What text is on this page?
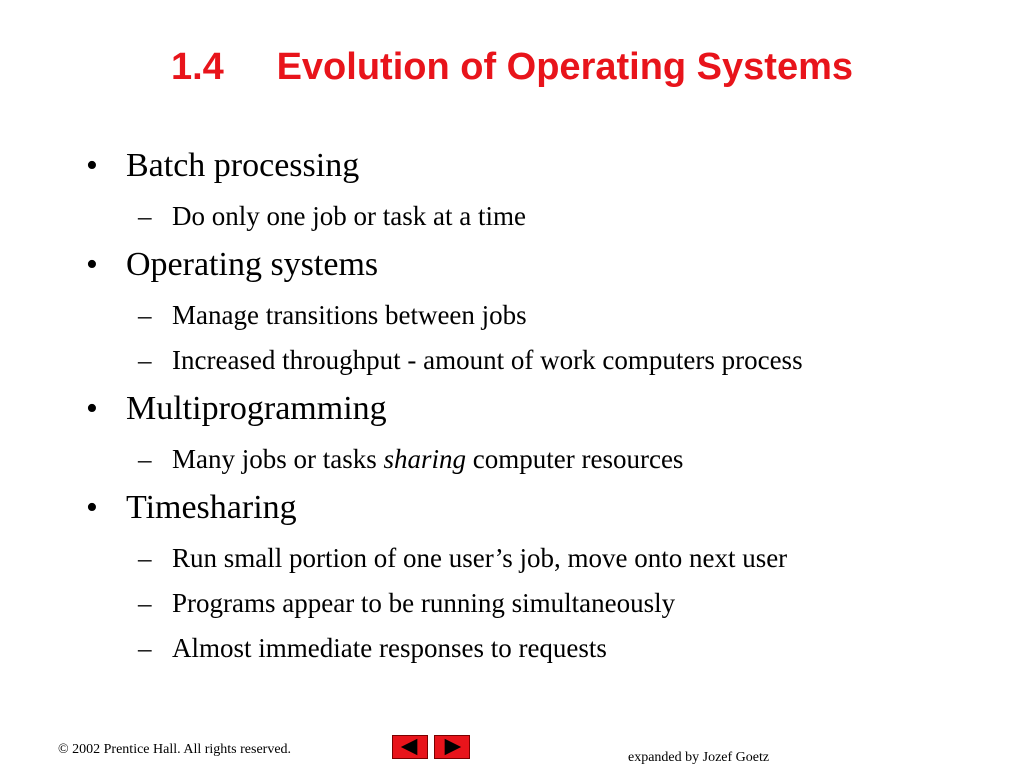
1.4     Evolution of Operating Systems
• Batch processing
– Do only one job or task at a time
• Operating systems
– Manage transitions between jobs
– Increased throughput - amount of work computers process
• Multiprogramming
– Many jobs or tasks sharing computer resources
• Timesharing
– Run small portion of one user’s job, move onto next user
– Programs appear to be running simultaneously
– Almost immediate responses to requests
© 2002 Prentice Hall. All rights reserved.
expanded by Jozef Goetz
